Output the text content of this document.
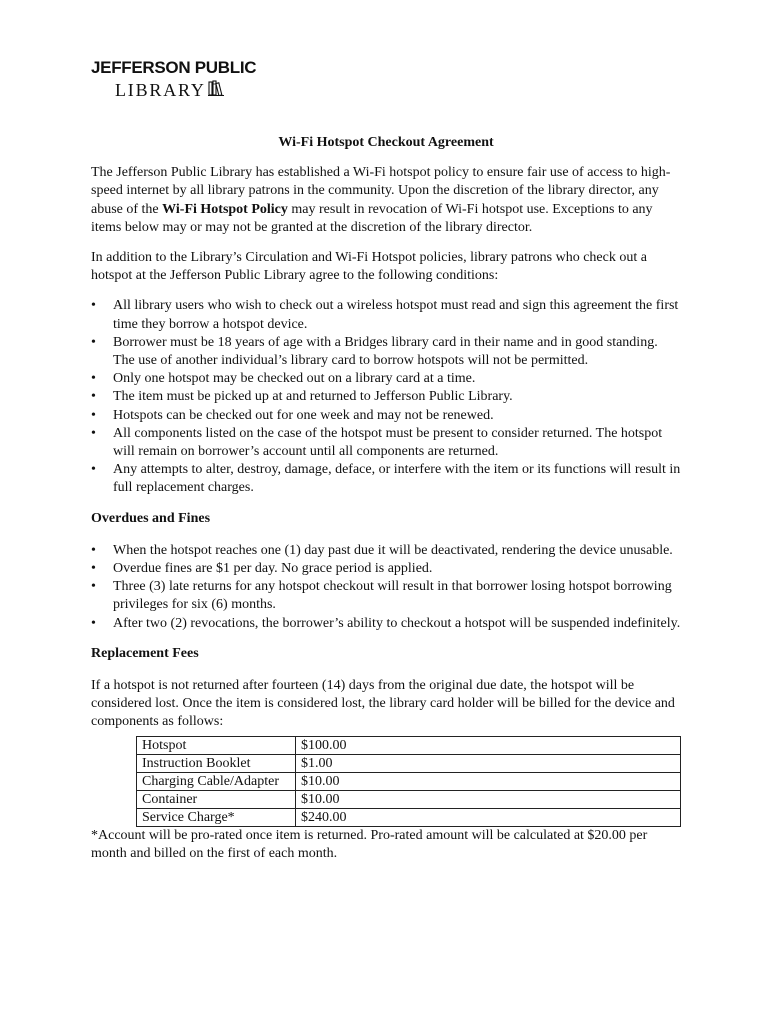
JEFFERSON PUBLIC
LIBRARY
Wi-Fi Hotspot Checkout Agreement

The Jefferson Public Library has established a Wi-Fi hotspot policy to ensure fair use of access to high-speed internet by all library patrons in the community. Upon the discretion of the library director, any abuse of the Wi-Fi Hotspot Policy may result in revocation of Wi-Fi hotspot use. Exceptions to any items below may or may not be granted at the discretion of the library director.

In addition to the Library’s Circulation and Wi-Fi Hotspot policies, library patrons who check out a hotspot at the Jefferson Public Library agree to the following conditions:

• All library users who wish to check out a wireless hotspot must read and sign this agreement the first time they borrow a hotspot device.
• Borrower must be 18 years of age with a Bridges library card in their name and in good standing. The use of another individual’s library card to borrow hotspots will not be permitted.
• Only one hotspot may be checked out on a library card at a time.
• The item must be picked up at and returned to Jefferson Public Library.
• Hotspots can be checked out for one week and may not be renewed.
• All components listed on the case of the hotspot must be present to consider returned. The hotspot will remain on borrower’s account until all components are returned.
• Any attempts to alter, destroy, damage, deface, or interfere with the item or its functions will result in full replacement charges.
Overdues and Fines
• When the hotspot reaches one (1) day past due it will be deactivated, rendering the device unusable.
• Overdue fines are $1 per day. No grace period is applied.
• Three (3) late returns for any hotspot checkout will result in that borrower losing hotspot borrowing privileges for six (6) months.
• After two (2) revocations, the borrower’s ability to checkout a hotspot will be suspended indefinitely.
Replacement Fees

If a hotspot is not returned after fourteen (14) days from the original due date, the hotspot will be considered lost. Once the item is considered lost, the library card holder will be billed for the device and components as follows:

Hotspot	$100.00
Instruction Booklet	$1.00
Charging Cable/Adapter	$10.00
Container	$10.00
Service Charge*	$240.00

*Account will be pro-rated once item is returned. Pro-rated amount will be calculated at $20.00 per month and billed on the first of each month.
